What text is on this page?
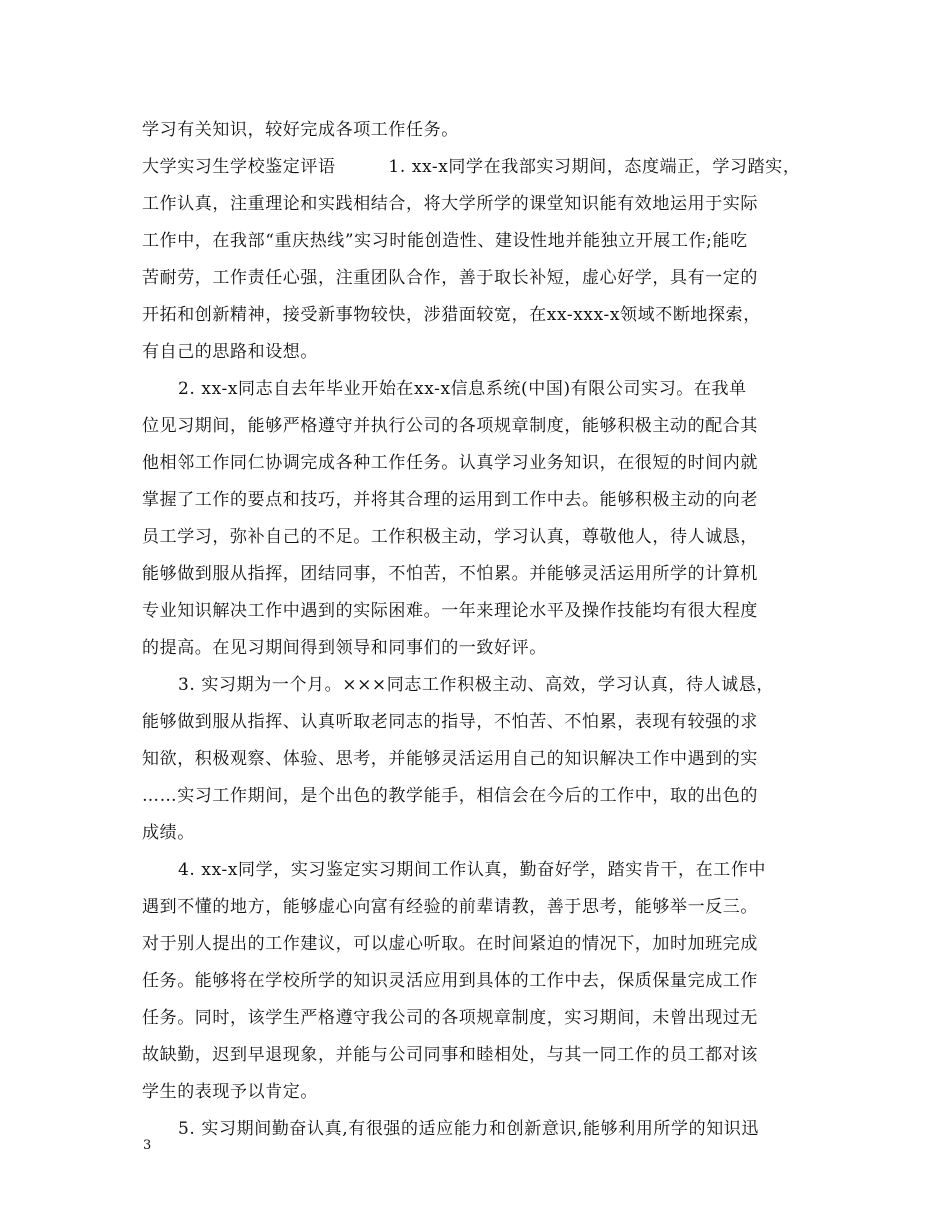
学习有关知识，较好完成各项工作任务。
大学实习生学校鉴定评语　　　1. xx-x同学在我部实习期间，态度端正，学习踏实，
工作认真，注重理论和实践相结合，将大学所学的课堂知识能有效地运用于实际
工作中，在我部“重庆热线”实习时能创造性、建设性地并能独立开展工作;能吃
苦耐劳，工作责任心强，注重团队合作，善于取长补短，虚心好学，具有一定的
开拓和创新精神，接受新事物较快，涉猎面较宽，在xx-xxx-x领域不断地探索，
有自己的思路和设想。
2. xx-x同志自去年毕业开始在xx-x信息系统(中国)有限公司实习。在我单
位见习期间，能够严格遵守并执行公司的各项规章制度，能够积极主动的配合其
他相邻工作同仁协调完成各种工作任务。认真学习业务知识，在很短的时间内就
掌握了工作的要点和技巧，并将其合理的运用到工作中去。能够积极主动的向老
员工学习，弥补自己的不足。工作积极主动，学习认真，尊敬他人，待人诚恳，
能够做到服从指挥，团结同事，不怕苦，不怕累。并能够灵活运用所学的计算机
专业知识解决工作中遇到的实际困难。一年来理论水平及操作技能均有很大程度
的提高。在见习期间得到领导和同事们的一致好评。
3. 实习期为一个月。×××同志工作积极主动、高效，学习认真，待人诚恳，
能够做到服从指挥、认真听取老同志的指导，不怕苦、不怕累，表现有较强的求
知欲，积极观察、体验、思考，并能够灵活运用自己的知识解决工作中遇到的实
……实习工作期间，是个出色的教学能手，相信会在今后的工作中，取的出色的
成绩。
4. xx-x同学，实习鉴定实习期间工作认真，勤奋好学，踏实肯干，在工作中
遇到不懂的地方，能够虚心向富有经验的前辈请教，善于思考，能够举一反三。
对于别人提出的工作建议，可以虚心听取。在时间紧迫的情况下，加时加班完成
任务。能够将在学校所学的知识灵活应用到具体的工作中去，保质保量完成工作
任务。同时，该学生严格遵守我公司的各项规章制度，实习期间，未曾出现过无
故缺勤，迟到早退现象，并能与公司同事和睦相处，与其一同工作的员工都对该
学生的表现予以肯定。
5. 实习期间勤奋认真,有很强的适应能力和创新意识,能够利用所学的知识迅
3
